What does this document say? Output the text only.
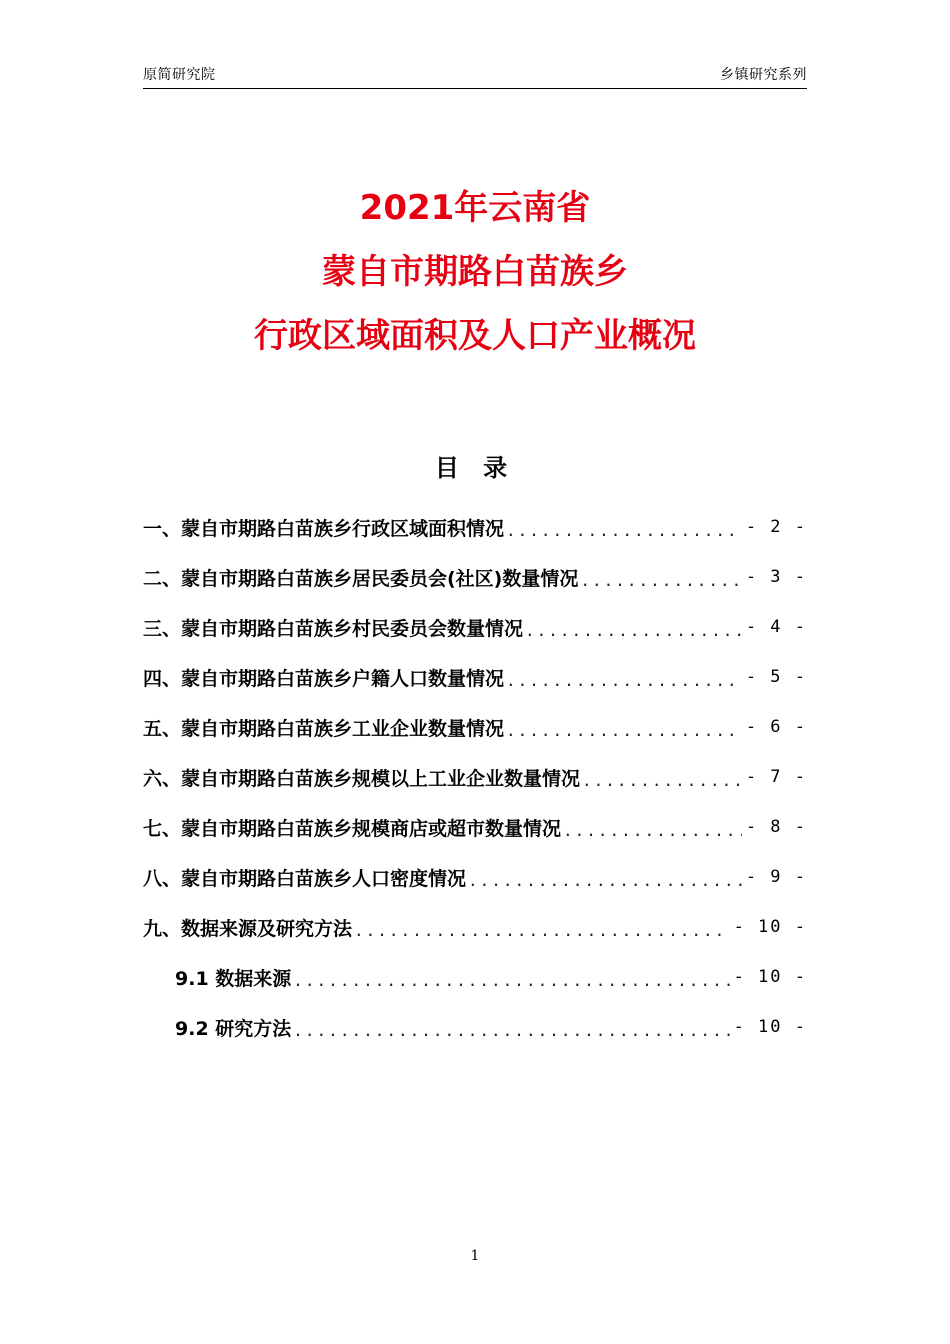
原简研究院	乡镇研究系列
2021年云南省
蒙自市期路白苗族乡
行政区域面积及人口产业概况
目 录
一、蒙自市期路白苗族乡行政区域面积情况 .....	- 2 -
二、蒙自市期路白苗族乡居民委员会(社区)数量情况 .....	- 3 -
三、蒙自市期路白苗族乡村民委员会数量情况 .....	- 4 -
四、蒙自市期路白苗族乡户籍人口数量情况 .....	- 5 -
五、蒙自市期路白苗族乡工业企业数量情况 .....	- 6 -
六、蒙自市期路白苗族乡规模以上工业企业数量情况 .....	- 7 -
七、蒙自市期路白苗族乡规模商店或超市数量情况 .....	- 8 -
八、蒙自市期路白苗族乡人口密度情况 .....	- 9 -
九、数据来源及研究方法 .....	- 10 -
9.1 数据来源 .....	- 10 -
9.2 研究方法 .....	- 10 -
1
